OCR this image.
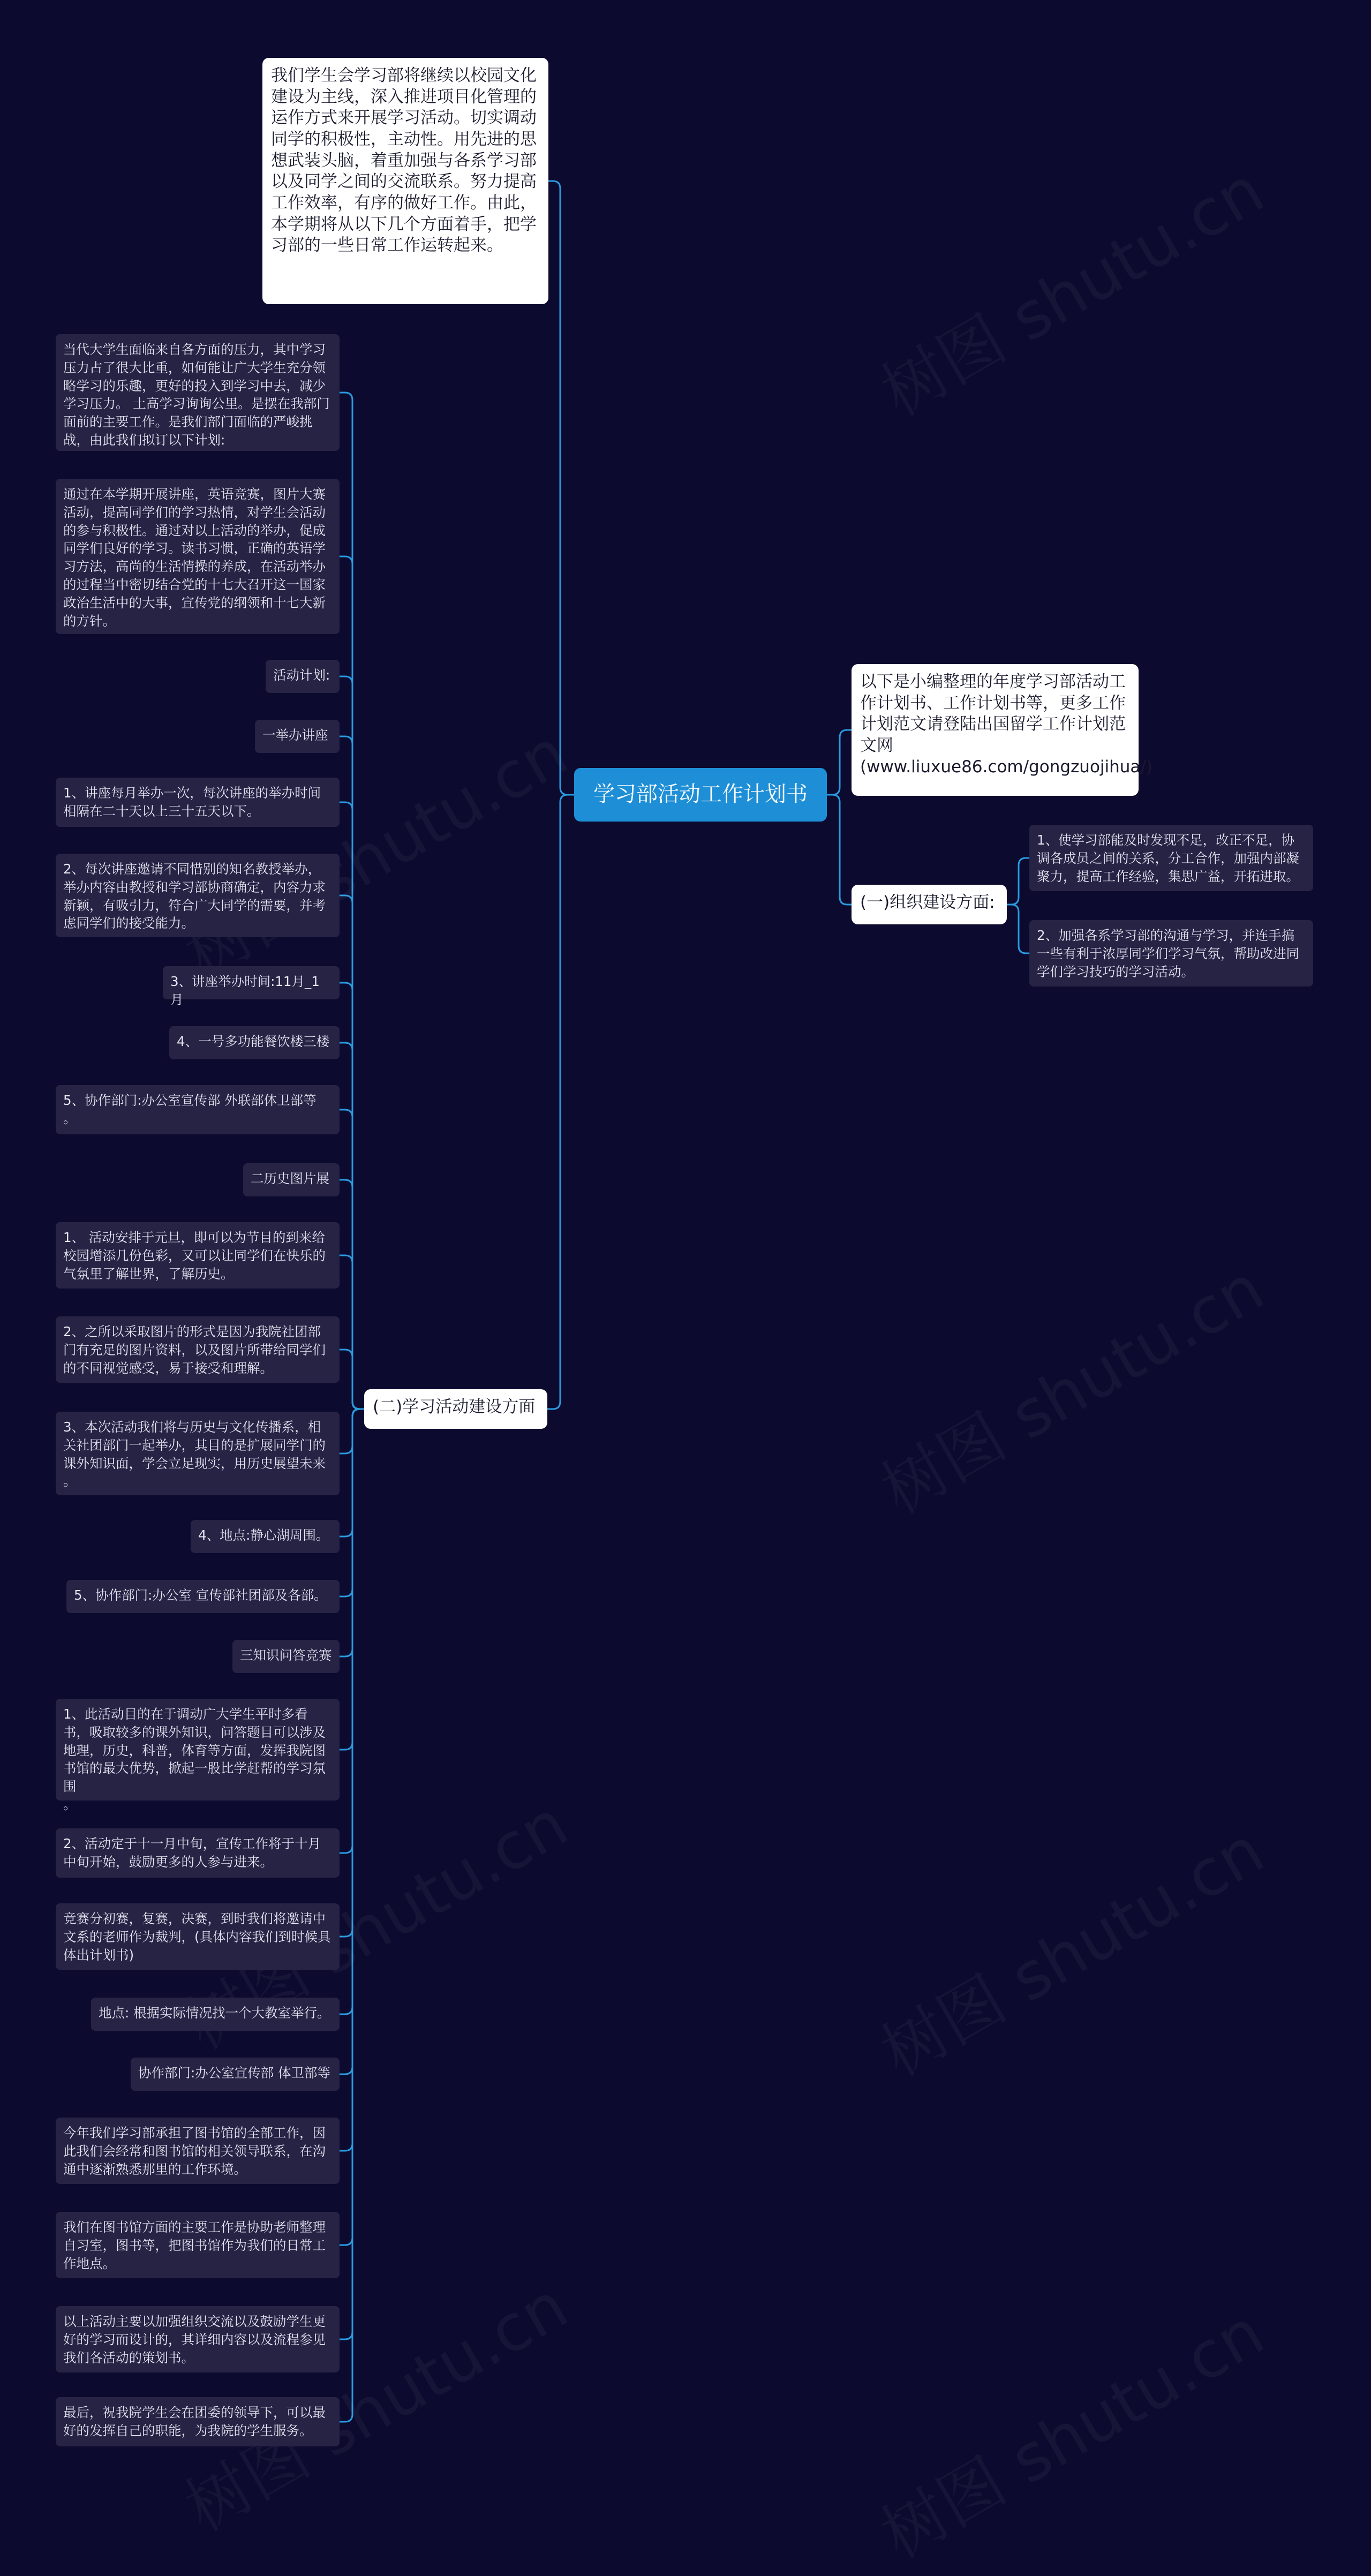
学习部活动工作计划书
我们学生会学习部将继续以校园文化建设为主线，深入推进项目化管理的运作方式来开展学习活动。切实调动同学的积极性，主动性。用先进的思想武装头脑，着重加强与各系学习部以及同学之间的交流联系。努力提高工作效率，有序的做好工作。由此，本学期将从以下几个方面着手，把学习部的一些日常工作运转起来。
以下是小编整理的年度学习部活动工作计划书、工作计划书等，更多工作计划范文请登陆出国留学工作计划范文网(www.liuxue86.com/gongzuojihua/)
(一)组织建设方面:
1、使学习部能及时发现不足，改正不足，协调各成员之间的关系，分工合作，加强内部凝聚力，提高工作经验，集思广益，开拓进取。
2、加强各系学习部的沟通与学习，并连手搞一些有利于浓厚同学们学习气氛，帮助改进同学们学习技巧的学习活动。
(二)学习活动建设方面
当代大学生面临来自各方面的压力，其中学习压力占了很大比重，如何能让广大学生充分领略学习的乐趣，更好的投入到学习中去，减少学习压力。 土高学习询询公里。是摆在我部门面前的主要工作。是我们部门面临的严峻挑战，由此我们拟订以下计划:
通过在本学期开展讲座，英语竞赛，图片大赛活动，提高同学们的学习热情，对学生会活动的参与积极性。通过对以上活动的举办，促成同学们良好的学习。读书习惯，正确的英语学习方法，高尚的生活情操的养成，在活动举办的过程当中密切结合党的十七大召开这一国家政治生活中的大事，宣传党的纲领和十七大新的方针。
活动计划:
一举办讲座
1、讲座每月举办一次，每次讲座的举办时间相隔在二十天以上三十五天以下。
2、每次讲座邀请不同惜别的知名教授举办，举办内容由教授和学习部协商确定，内容力求新颖，有吸引力，符合广大同学的需要，并考虑同学们的接受能力。
3、讲座举办时间:11月_1月
4、一号多功能餐饮楼三楼
5、协作部门:办公室宣传部 外联部体卫部等
。
二历史图片展
1、 活动安排于元旦，即可以为节目的到来给校园增添几份色彩，又可以让同学们在快乐的气氛里了解世界，了解历史。
2、之所以采取图片的形式是因为我院社团部门有充足的图片资料，以及图片所带给同学们的不同视觉感受，易于接受和理解。
3、本次活动我们将与历史与文化传播系，相关社团部门一起举办，其目的是扩展同学门的课外知识面，学会立足现实，用历史展望未来
。
4、地点:静心湖周围。
5、协作部门:办公室 宣传部社团部及各部。
三知识问答竞赛
1、此活动目的在于调动广大学生平时多看书，吸取较多的课外知识，问答题目可以涉及地理，历史，科普，体育等方面，发挥我院图书馆的最大优势，掀起一股比学赶帮的学习氛围
。
2、活动定于十一月中旬，宣传工作将于十月中旬开始，鼓励更多的人参与进来。
竞赛分初赛，复赛，决赛，到时我们将邀请中文系的老师作为裁判，(具体内容我们到时候具体出计划书)
地点: 根据实际情况找一个大教室举行。
协作部门:办公室宣传部 体卫部等
今年我们学习部承担了图书馆的全部工作，因此我们会经常和图书馆的相关领导联系，在沟通中逐渐熟悉那里的工作环境。
我们在图书馆方面的主要工作是协助老师整理自习室，图书等，把图书馆作为我们的日常工作地点。
以上活动主要以加强组织交流以及鼓励学生更好的学习而设计的，其详细内容以及流程参见我们各活动的策划书。
最后，祝我院学生会在团委的领导下，可以最好的发挥自己的职能，为我院的学生服务。
